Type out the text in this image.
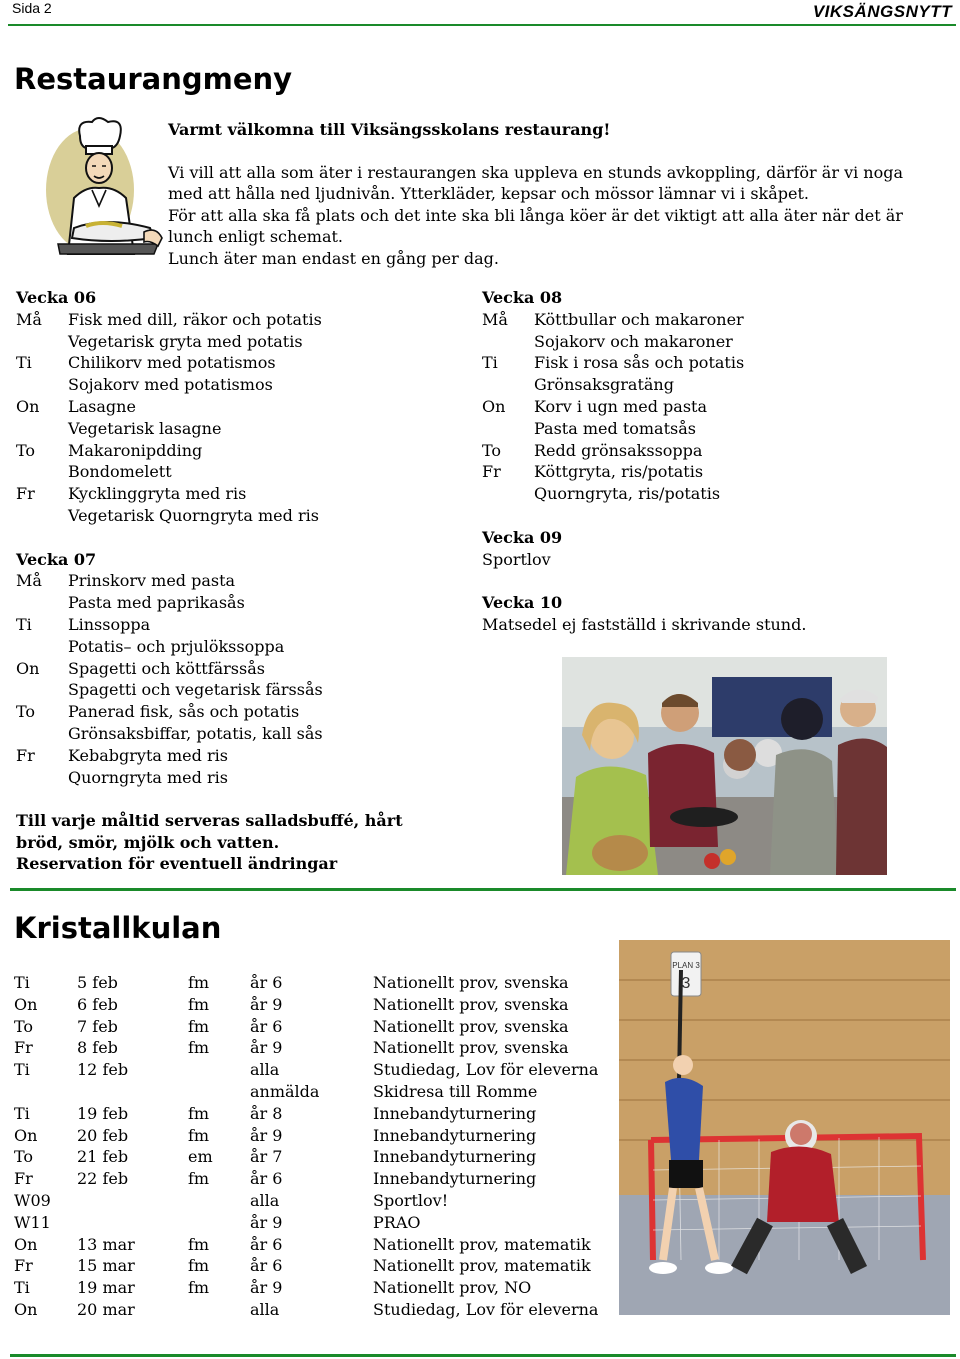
Sida 2	VIKSÄNGSNYTT
Restaurangmeny

Varmt välkomna till Viksängsskolans restaurang!

Vi vill att alla som äter i restaurangen ska uppleva en stunds avkoppling, därför är vi noga

med att hålla ned ljudnivån. Ytterkläder, kepsar och mössor lämnar vi i skåpet.

För att alla ska få plats och det inte ska bli långa köer är det viktigt att alla äter när det är

lunch enligt schemat.

Lunch äter man endast en gång per dag.

Vecka 06
Må	Fisk med dill, räkor och potatis
Vegetarisk gryta med potatis
Ti	Chilikorv med potatismos
Sojakorv med potatismos
On	Lasagne
Vegetarisk lasagne
To	Makaronipdding
Bondomelett
Fr	Kycklinggryta med ris
Vegetarisk Quorngryta med ris
Vecka 07
Må	Prinskorv med pasta
Pasta med paprikasås
Ti	Linssoppa
Potatis– och prjulökssoppa
On	Spagetti och köttfärssås
Spagetti och vegetarisk färssås
To	Panerad fisk, sås och potatis
Grönsaksbiffar, potatis, kall sås
Fr	Kebabgryta med ris
Quorngryta med ris
Vecka 08
Må	Köttbullar och makaroner
Sojakorv och makaroner
Ti	Fisk i rosa sås och potatis
Grönsaksgratäng
On	Korv i ugn med pasta
Pasta med tomatsås
To	Redd grönsakssoppa
Fr	Köttgryta, ris/potatis
Quorngryta, ris/potatis
Vecka 09
Sportlov
Vecka 10
Matsedel ej fastställd i skrivande stund.
Till varje måltid serveras salladsbuffé, hårt
bröd, smör, mjölk och vatten.
Reservation för eventuell ändringar
Kristallkulan
Ti	5 feb	fm	år 6	Nationellt prov, svenska
On	6 feb	fm	år 9	Nationellt prov, svenska
To	7 feb	fm	år 6	Nationellt prov, svenska
Fr	8 feb	fm	år 9	Nationellt prov, svenska
Ti	12 feb		alla	Studiedag, Lov för eleverna
			anmälda	Skidresa till Romme
Ti	19 feb	fm	år 8	Innebandyturnering
On	20 feb	fm	år 9	Innebandyturnering
To	21 feb	em	år 7	Innebandyturnering
Fr	22 feb	fm	år 6	Innebandyturnering
W09			alla	Sportlov!
W11			år 9	PRAO
On	13 mar	fm	år 6	Nationellt prov, matematik
Fr	15 mar	fm	år 6	Nationellt prov, matematik
Ti	19 mar	fm	år 9	Nationellt prov, NO
On	20 mar		alla	Studiedag, Lov för eleverna
PLAN 3
3
